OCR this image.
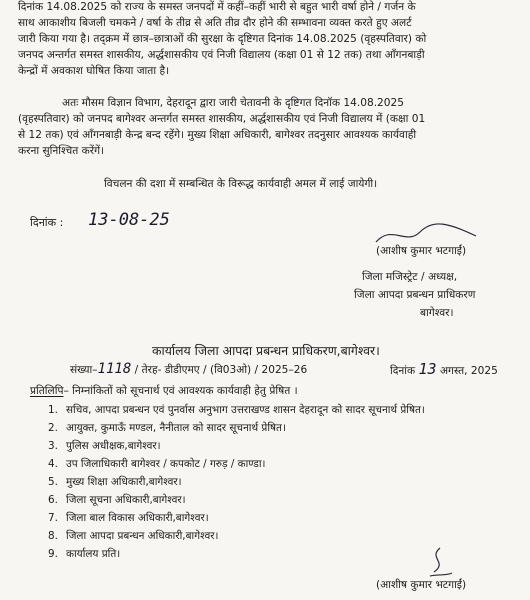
दिनांक 14.08.2025 को राज्य के समस्त जनपदों में कहीं–कहीं भारी से बहुत भारी वर्षा होने / गर्जन के
साथ आकाशीय बिजली चमकने / वर्षा के तीव्र से अति तीव्र दौर होने की सम्भावना व्यक्त करते हुए अलर्ट
जारी किया गया है। तद्क्रम में छात्र–छात्राओं की सुरक्षा के दृष्टिगत दिनांक 14.08.2025 (वृहस्पतिवार) को
जनपद अन्तर्गत समस्त शासकीय, अर्द्धशासकीय एवं निजी विद्यालय (कक्षा 01 से 12 तक) तथा आँगनबाड़ी
केन्द्रों में अवकाश घोषित किया जाता है।
अतः मौसम विज्ञान विभाग, देहरादून द्वारा जारी चेतावनी के दृष्टिगत दिनॉक 14.08.2025
(वृहस्पतिवार) को जनपद बागेश्वर अन्तर्गत समस्त शासकीय, अर्द्धशासकीय एवं निजी विद्यालय में (कक्षा 01
से 12 तक) एवं आँगनबाड़ी केन्द्र बन्द रहेंगे। मुख्य शिक्षा अधिकारी, बागेश्वर तदनुसार आवश्यक कार्यवाही
करना सुनिश्चित करेंगें।
विचलन की दशा में सम्बन्धित के विरूद्ध कार्यवाही अमल में लाई जायेगी।
दिनांक : 13-08-25
(आशीष कुमार भटगाईं)
जिला मजिस्ट्रेट / अध्यक्ष,
जिला आपदा प्रबन्धन प्राधिकरण
बागेश्वर।
कार्यालय जिला आपदा प्रबन्धन प्राधिकरण,बागेश्वर।
संख्या–1118 / तेरह- डीडीएमए / (वि03ओ) / 2025–26	दिनांक 13 अगस्त, 2025
प्रतिलिपि– निम्नांकितों को सूचनार्थ एवं आवश्यक कार्यवाही हेतु प्रेषित ।
1. सचिव, आपदा प्रबन्धन एवं पुनर्वास अनुभाग उत्तराखण्ड शासन देहरादून को सादर सूचनार्थ प्रेषित।
2. आयुक्त, कुमाऊँ मण्डल, नैनीताल को सादर सूचनार्थ प्रेषित।
3. पुलिस अधीक्षक,बागेश्वर।
4. उप जिलाधिकारी बागेश्वर / कपकोट / गरुड़ / काण्डा।
5. मुख्य शिक्षा अधिकारी,बागेश्वर।
6. जिला सूचना अधिकारी,बागेश्वर।
7. जिला बाल विकास अधिकारी,बागेश्वर।
8. जिला आपदा प्रबन्धन अधिकारी,बागेश्वर।
9. कार्यालय प्रति।
(आशीष कुमार भटगाईं)
